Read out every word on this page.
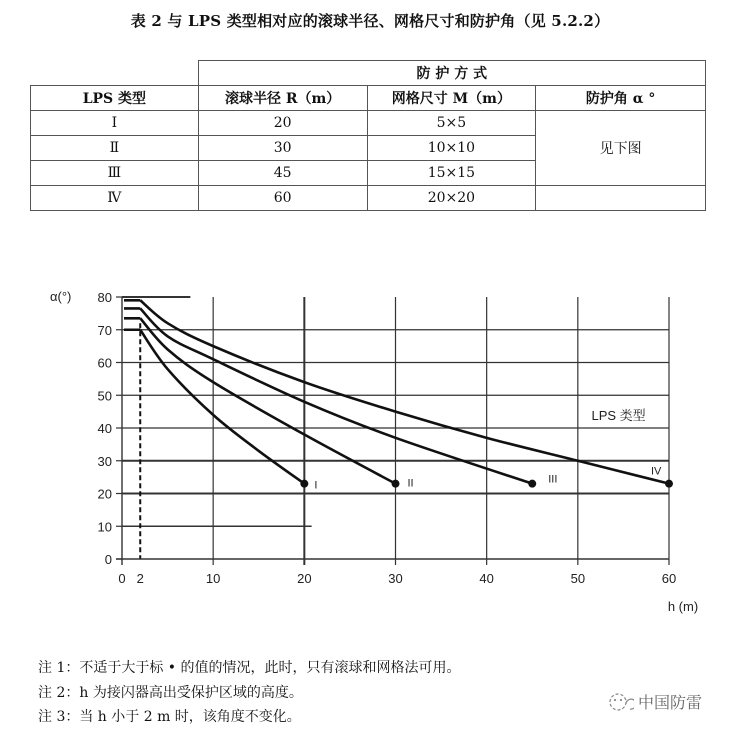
表 2 与 LPS 类型相对应的滚球半径、网格尺寸和防护角（见 5.2.2）
	防 护 方 式		
LPS 类型	滚球半径 R（m）	网格尺寸 M（m）	防护角 α °
Ⅰ	20	5×5	见下图
Ⅱ	30	10×10	
Ⅲ	45	15×15	
Ⅳ	60	20×20	
0
10
20
30
40
50
60
70
80
0 2	10	20	30	40	50	60
α(°)
h (m)
LPS 类型
I	II	III
IV
注 1：不适于大于标 • 的值的情况，此时，只有滚球和网格法可用。
注 2：h 为接闪器高出受保护区域的高度。
注 3：当 h 小于 2 m 时，该角度不变化。
中国防雷
